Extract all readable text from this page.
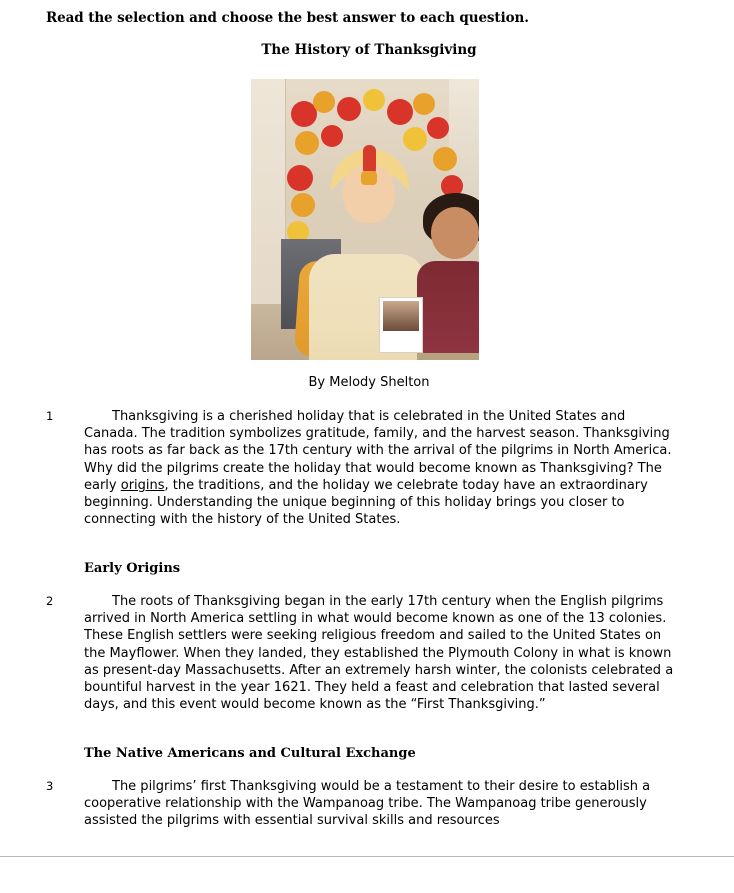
Read the selection and choose the best answer to each question.
The History of Thanksgiving
By Melody Shelton
1	Thanksgiving is a cherished holiday that is celebrated in the United States and Canada. The tradition symbolizes gratitude, family, and the harvest season. Thanksgiving has roots as far back as the 17th century with the arrival of the pilgrims in North America. Why did the pilgrims create the holiday that would become known as Thanksgiving? The early origins, the traditions, and the holiday we celebrate today have an extraordinary beginning. Understanding the unique beginning of this holiday brings you closer to connecting with the history of the United States.
Early Origins
2	The roots of Thanksgiving began in the early 17th century when the English pilgrims arrived in North America settling in what would become known as one of the 13 colonies. These English settlers were seeking religious freedom and sailed to the United States on the Mayflower. When they landed, they established the Plymouth Colony in what is known as present-day Massachusetts. After an extremely harsh winter, the colonists celebrated a bountiful harvest in the year 1621. They held a feast and celebration that lasted several days, and this event would become known as the “First Thanksgiving.”
The Native Americans and Cultural Exchange
3	The pilgrims’ first Thanksgiving would be a testament to their desire to establish a cooperative relationship with the Wampanoag tribe. The Wampanoag tribe generously assisted the pilgrims with essential survival skills and resources
